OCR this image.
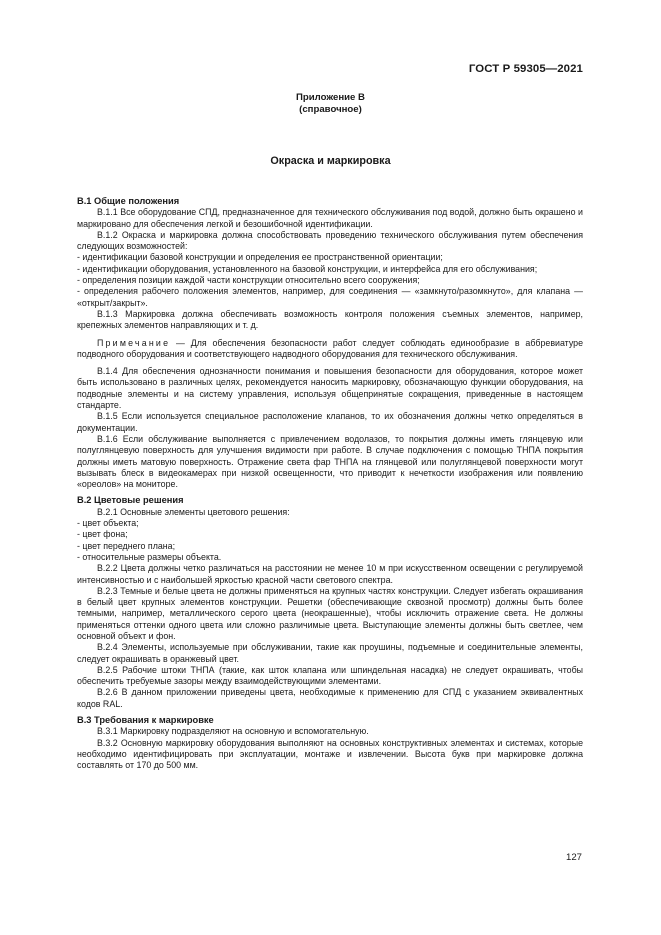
ГОСТ Р 59305—2021
Приложение В
(справочное)
Окраска и маркировка

В.1 Общие положения

В.1.1 Все оборудование СПД, предназначенное для технического обслуживания под водой, должно быть окрашено и маркировано для обеспечения легкой и безошибочной идентификации.

В.1.2 Окраска и маркировка должна способствовать проведению технического обслуживания путем обеспечения следующих возможностей:

- идентификации базовой конструкции и определения ее пространственной ориентации;

- идентификации оборудования, установленного на базовой конструкции, и интерфейса для его обслуживания;

- определения позиции каждой части конструкции относительно всего сооружения;

- определения рабочего положения элементов, например, для соединения — «замкнуто/разомкнуто», для клапана — «открыт/закрыт».

В.1.3 Маркировка должна обеспечивать возможность контроля положения съемных элементов, например, крепежных элементов направляющих и т. д.

Примечание — Для обеспечения безопасности работ следует соблюдать единообразие в аббревиатуре подводного оборудования и соответствующего надводного оборудования для технического обслуживания.

В.1.4 Для обеспечения однозначности понимания и повышения безопасности для оборудования, которое может быть использовано в различных целях, рекомендуется наносить маркировку, обозначающую функции оборудования, на подводные элементы и на систему управления, используя общепринятые сокращения, приведенные в настоящем стандарте.

В.1.5 Если используется специальное расположение клапанов, то их обозначения должны четко определяться в документации.

В.1.6 Если обслуживание выполняется с привлечением водолазов, то покрытия должны иметь глянцевую или полуглянцевую поверхность для улучшения видимости при работе. В случае подключения с помощью ТНПА покрытия должны иметь матовую поверхность. Отражение света фар ТНПА на глянцевой или полуглянцевой поверхности могут вызывать блеск в видеокамерах при низкой освещенности, что приводит к нечеткости изображения или появлению «ореолов» на мониторе.

В.2 Цветовые решения

В.2.1 Основные элементы цветового решения:

- цвет объекта;

- цвет фона;

- цвет переднего плана;

- относительные размеры объекта.

В.2.2 Цвета должны четко различаться на расстоянии не менее 10 м при искусственном освещении с регулируемой интенсивностью и с наибольшей яркостью красной части светового спектра.

В.2.3 Темные и белые цвета не должны применяться на крупных частях конструкции. Следует избегать окрашивания в белый цвет крупных элементов конструкции. Решетки (обеспечивающие сквозной просмотр) должны быть более темными, например, металлического серого цвета (неокрашенные), чтобы исключить отражение света. Не должны применяться оттенки одного цвета или сложно различимые цвета. Выступающие элементы должны быть светлее, чем основной объект и фон.

В.2.4 Элементы, используемые при обслуживании, такие как проушины, подъемные и соединительные элементы, следует окрашивать в оранжевый цвет.

В.2.5 Рабочие штоки ТНПА (такие, как шток клапана или шпиндельная насадка) не следует окрашивать, чтобы обеспечить требуемые зазоры между взаимодействующими элементами.

В.2.6 В данном приложении приведены цвета, необходимые к применению для СПД с указанием эквивалентных кодов RAL.

В.3 Требования к маркировке

В.3.1 Маркировку подразделяют на основную и вспомогательную.

В.3.2 Основную маркировку оборудования выполняют на основных конструктивных элементах и системах, которые необходимо идентифицировать при эксплуатации, монтаже и извлечении. Высота букв при маркировке должна составлять от 170 до 500 мм.

127
